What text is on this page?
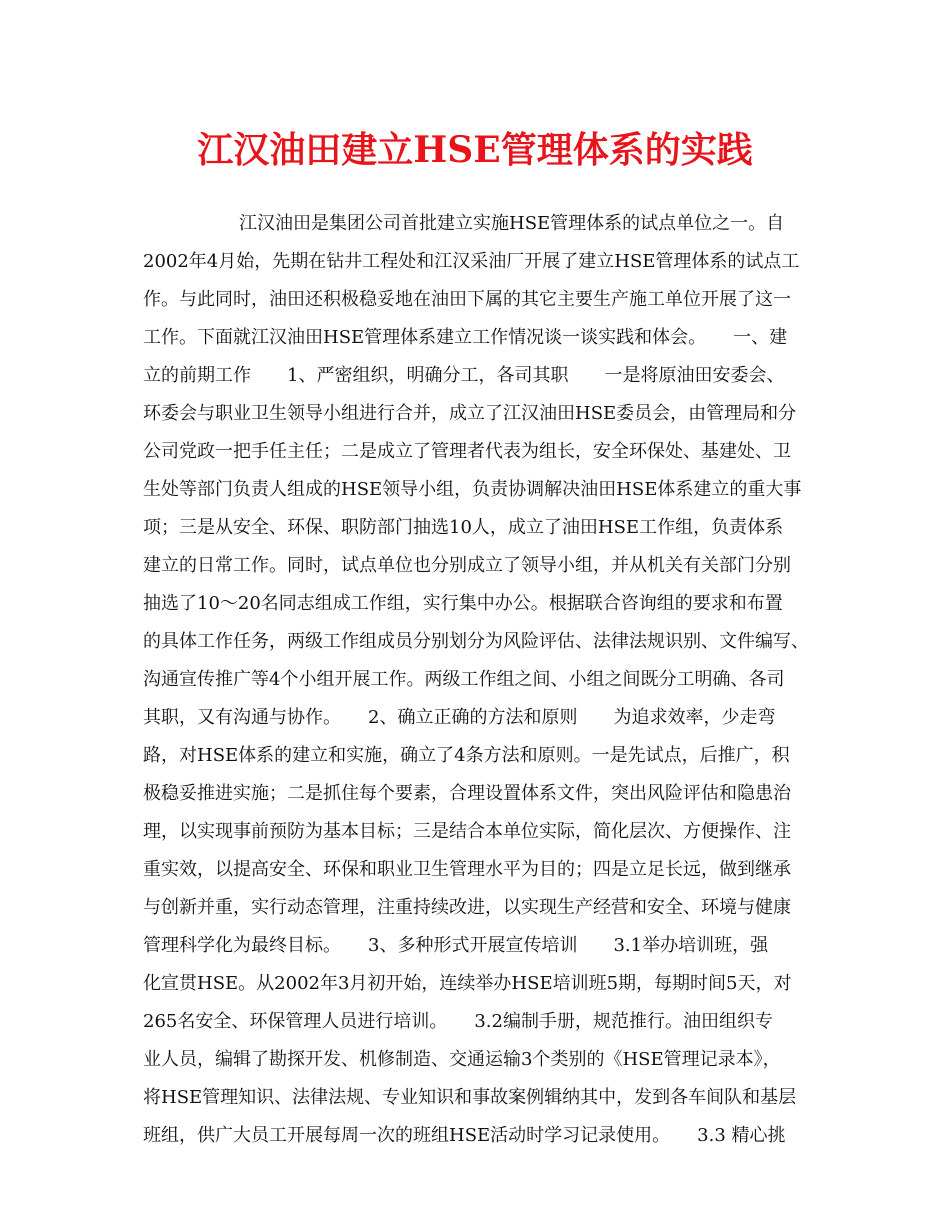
江汉油田建立HSE管理体系的实践
江汉油田是集团公司首批建立实施HSE管理体系的试点单位之一。自
2002年4月始，先期在钻井工程处和江汉采油厂开展了建立HSE管理体系的试点工
作。与此同时，油田还积极稳妥地在油田下属的其它主要生产施工单位开展了这一
工作。下面就江汉油田HSE管理体系建立工作情况谈一谈实践和体会。　　一、建
立的前期工作　　1、严密组织，明确分工，各司其职　　一是将原油田安委会、
环委会与职业卫生领导小组进行合并，成立了江汉油田HSE委员会，由管理局和分
公司党政一把手任主任；二是成立了管理者代表为组长，安全环保处、基建处、卫
生处等部门负责人组成的HSE领导小组，负责协调解决油田HSE体系建立的重大事
项；三是从安全、环保、职防部门抽选10人，成立了油田HSE工作组，负责体系
建立的日常工作。同时，试点单位也分别成立了领导小组，并从机关有关部门分别
抽选了10～20名同志组成工作组，实行集中办公。根据联合咨询组的要求和布置
的具体工作任务，两级工作组成员分别划分为风险评估、法律法规识别、文件编写、
沟通宣传推广等4个小组开展工作。两级工作组之间、小组之间既分工明确、各司
其职，又有沟通与协作。　　2、确立正确的方法和原则　　为追求效率，少走弯
路，对HSE体系的建立和实施，确立了4条方法和原则。一是先试点，后推广，积
极稳妥推进实施；二是抓住每个要素，合理设置体系文件，突出风险评估和隐患治
理，以实现事前预防为基本目标；三是结合本单位实际，简化层次、方便操作、注
重实效，以提高安全、环保和职业卫生管理水平为目的；四是立足长远，做到继承
与创新并重，实行动态管理，注重持续改进，以实现生产经营和安全、环境与健康
管理科学化为最终目标。　　3、多种形式开展宣传培训　　3.1举办培训班，强
化宣贯HSE。从2002年3月初开始，连续举办HSE培训班5期，每期时间5天，对
265名安全、环保管理人员进行培训。　　3.2编制手册，规范推行。油田组织专
业人员，编辑了勘探开发、机修制造、交通运输3个类别的《HSE管理记录本》，
将HSE管理知识、法律法规、专业知识和事故案例辑纳其中，发到各车间队和基层
班组，供广大员工开展每周一次的班组HSE活动时学习记录使用。　　3.3 精心挑
